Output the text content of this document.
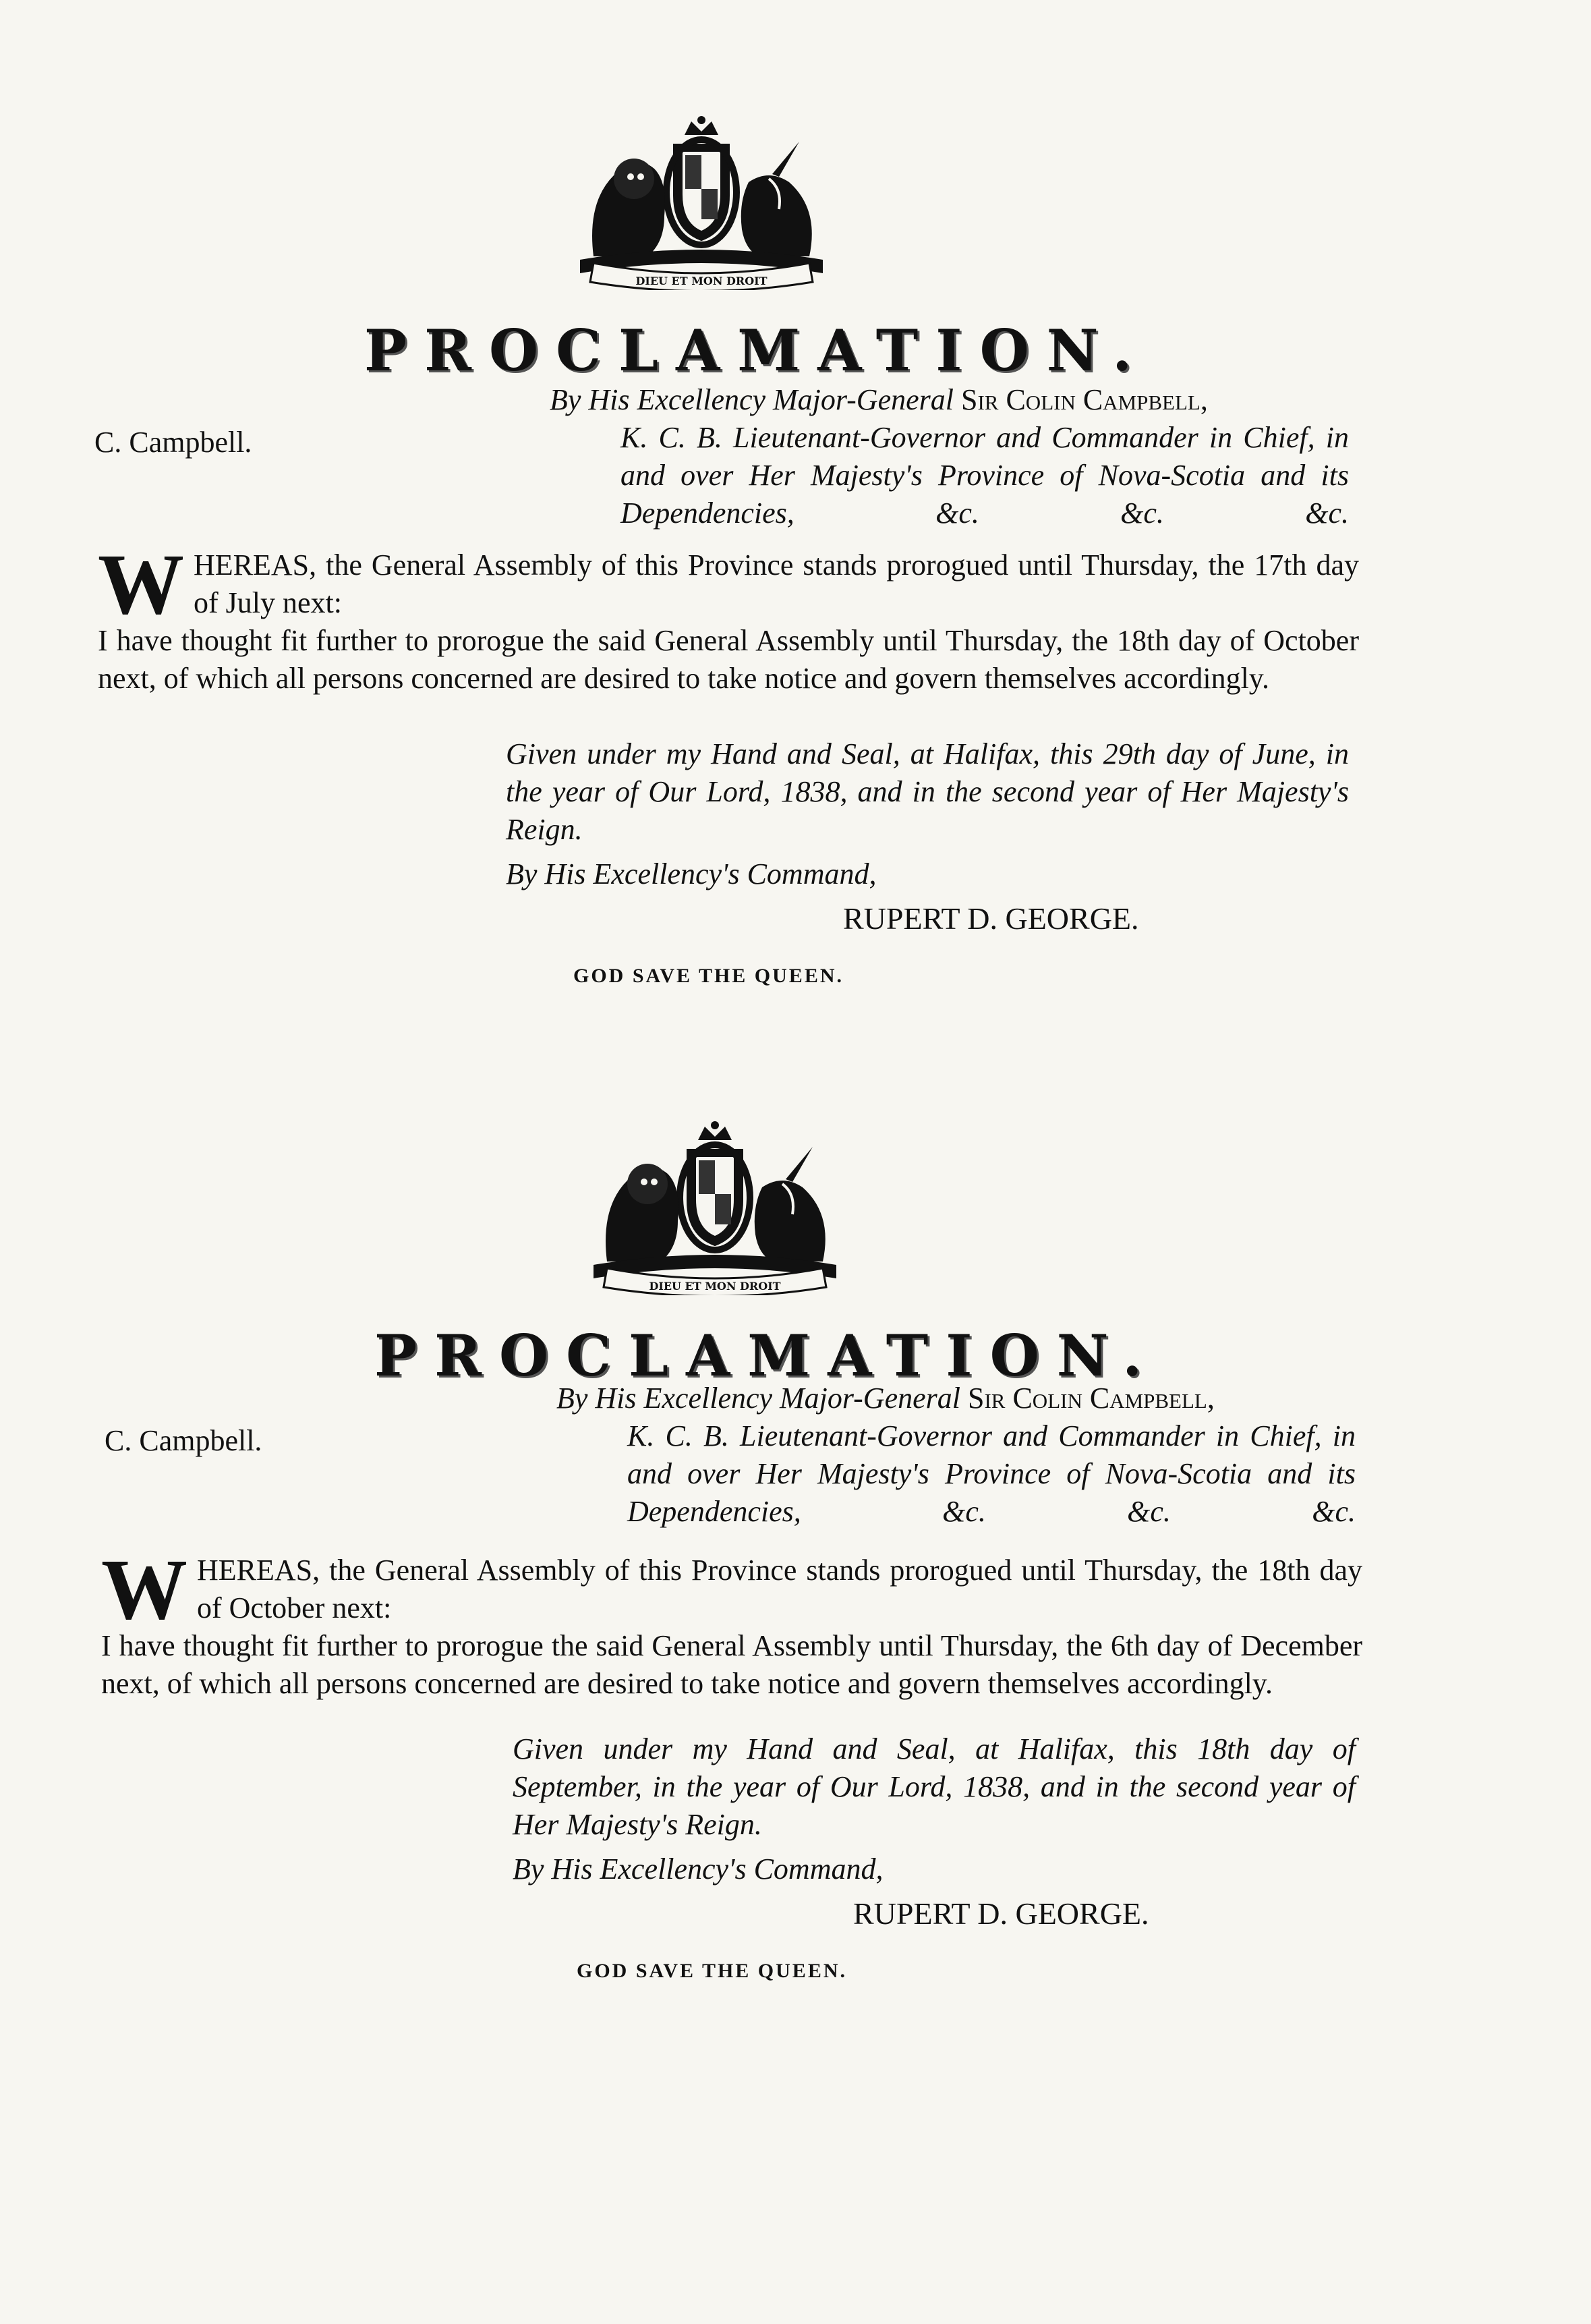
DIEU ET MON DROIT
PROCLAMATION.
C. Campbell.
By His Excellency Major-General Sir Colin Campbell,
K. C. B. Lieutenant-Governor and Commander in Chief, in and over Her Majesty's Province of Nova-Scotia and its Dependencies, &c. &c. &c.
W HEREAS, the General Assembly of this Province stands prorogued until Thursday, the 17th day of July next:

I have thought fit further to prorogue the said General Assembly until Thursday, the 18th day of October next, of which all persons concerned are desired to take notice and govern themselves accordingly.

Given under my Hand and Seal, at Halifax, this 29th day of June, in the year of Our Lord, 1838, and in the second year of Her Majesty's Reign.
By His Excellency's Command,
RUPERT D. GEORGE.
GOD SAVE THE QUEEN.
DIEU ET MON DROIT
PROCLAMATION.
C. Campbell.
By His Excellency Major-General Sir Colin Campbell,
K. C. B. Lieutenant-Governor and Commander in Chief, in and over Her Majesty's Province of Nova-Scotia and its Dependencies, &c. &c. &c.
W HEREAS, the General Assembly of this Province stands prorogued until Thursday, the 18th day of October next:

I have thought fit further to prorogue the said General Assembly until Thursday, the 6th day of December next, of which all persons concerned are desired to take notice and govern themselves accordingly.

Given under my Hand and Seal, at Halifax, this 18th day of September, in the year of Our Lord, 1838, and in the second year of Her Majesty's Reign.
By His Excellency's Command,
RUPERT D. GEORGE.
GOD SAVE THE QUEEN.
